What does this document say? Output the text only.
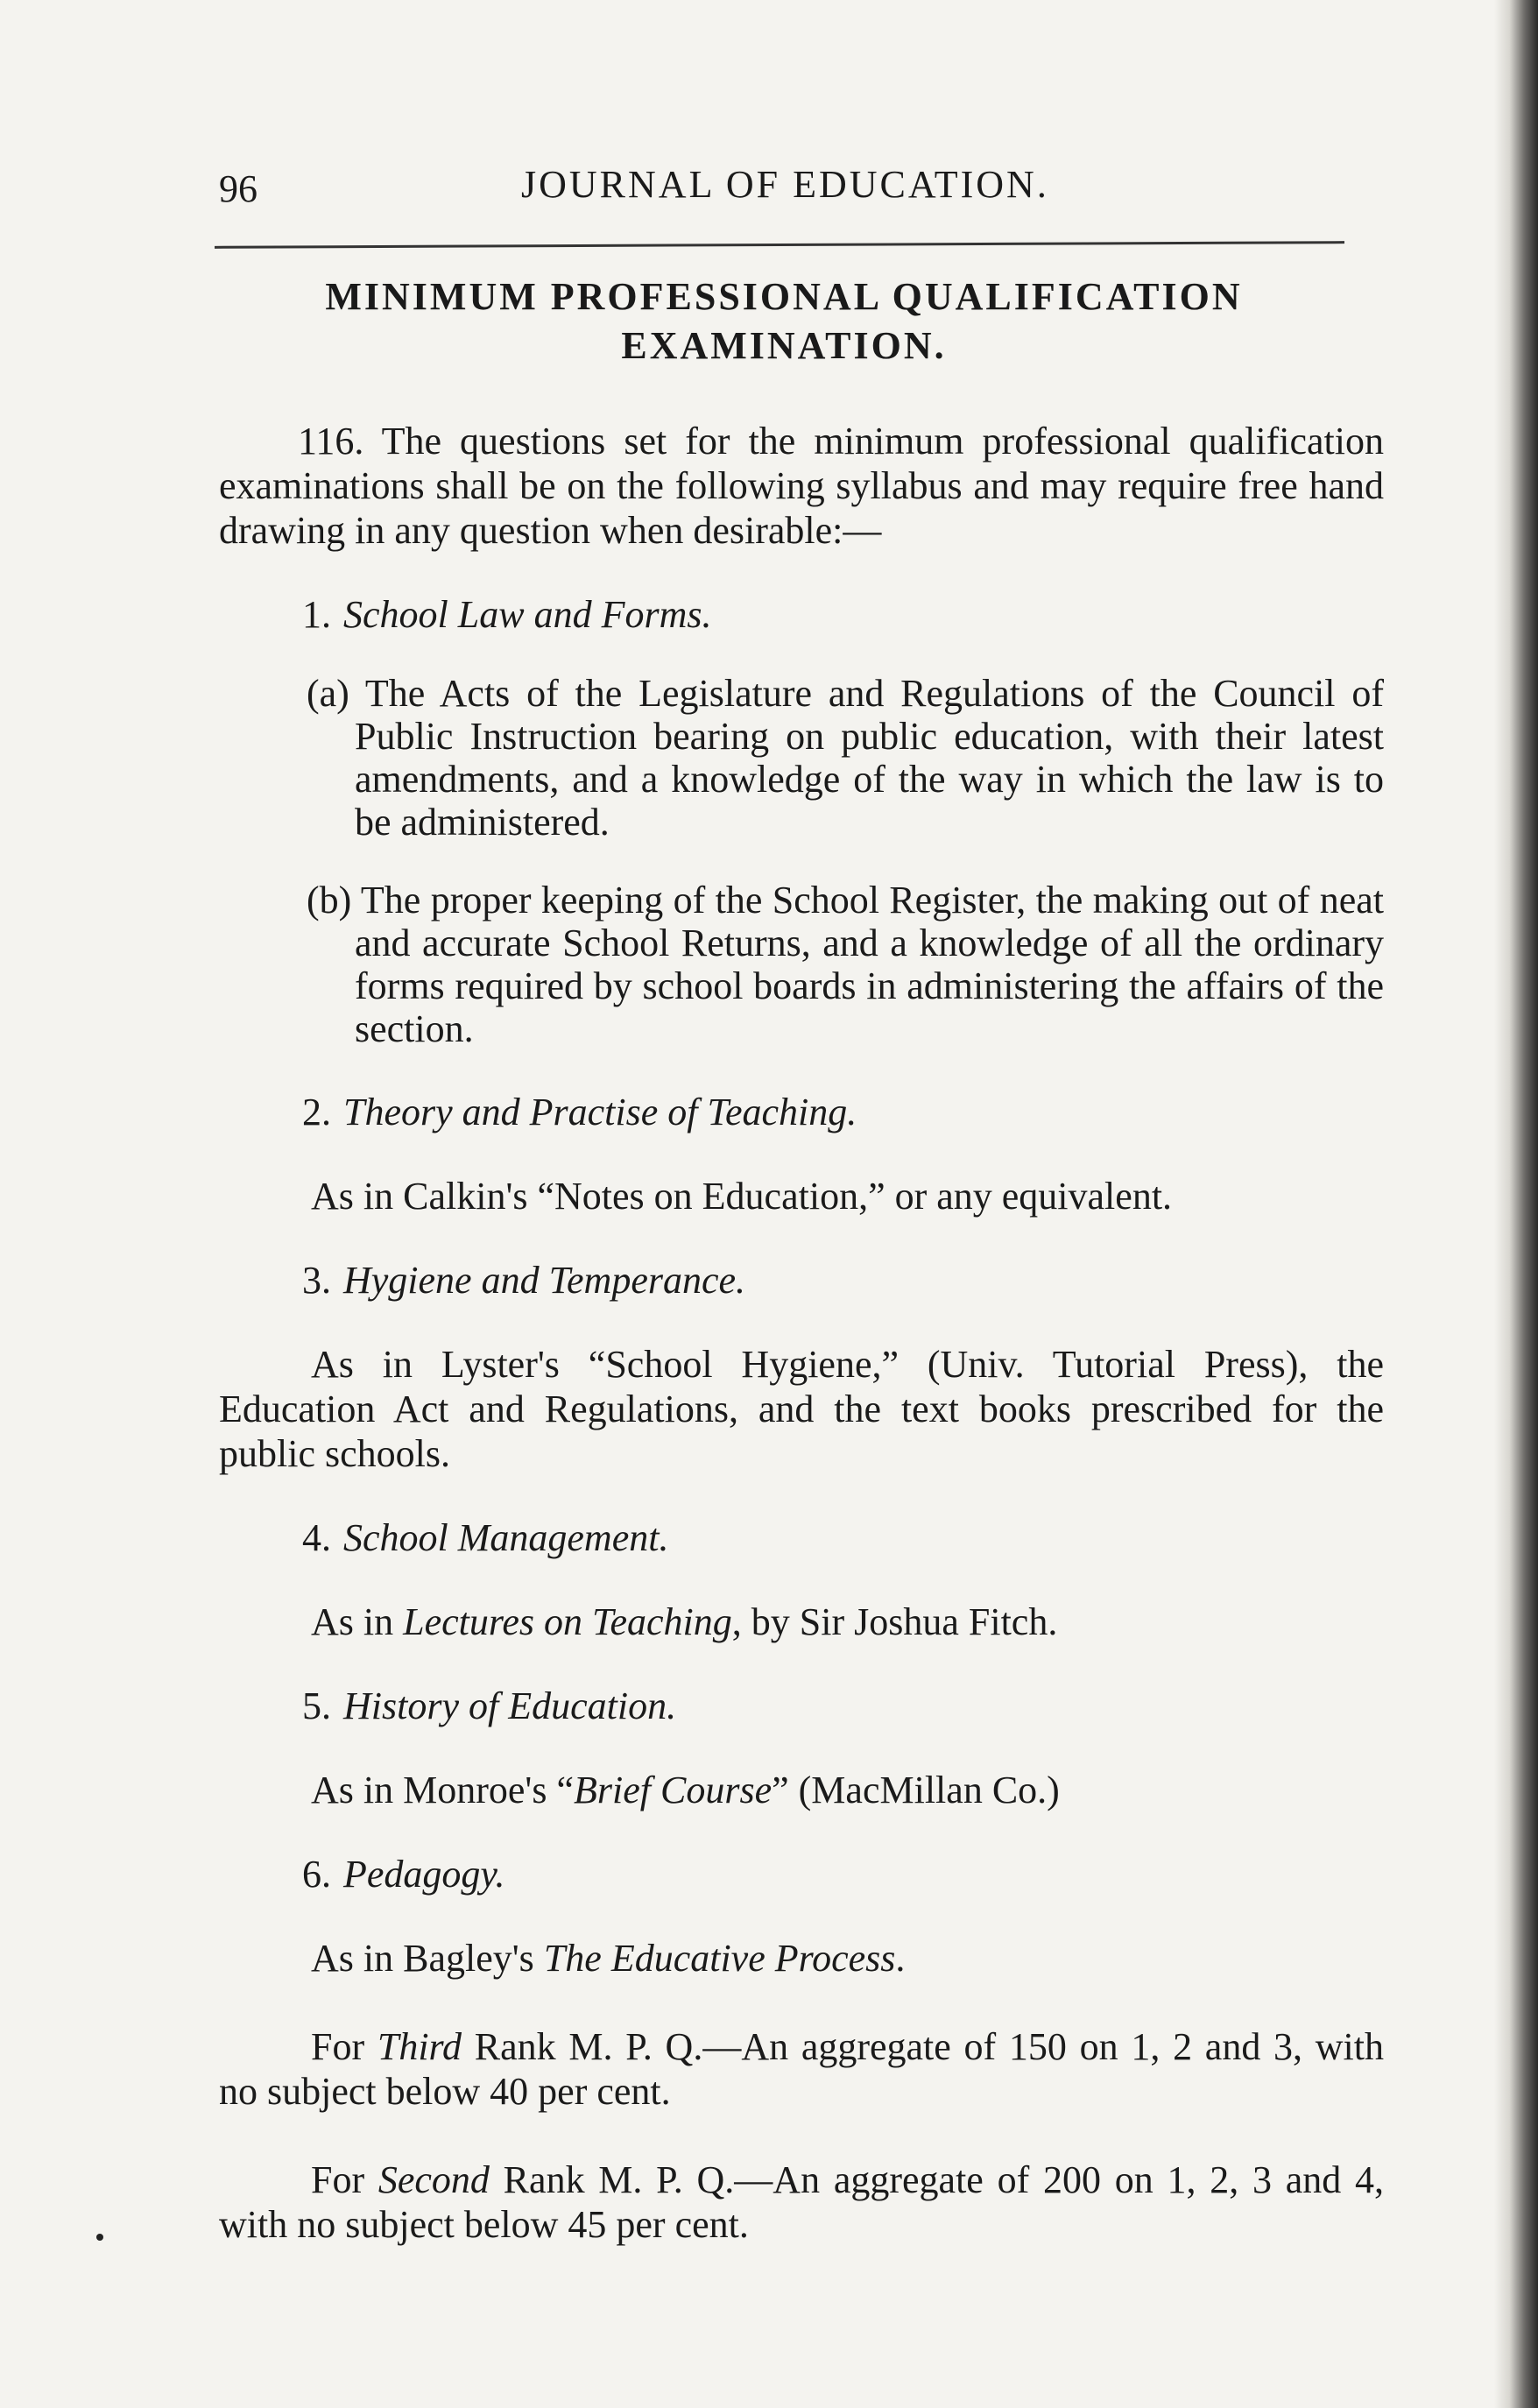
96	JOURNAL OF EDUCATION.
MINIMUM PROFESSIONAL QUALIFICATION
EXAMINATION.

116. The questions set for the minimum professional qualification examinations shall be on the following syllabus and may require free hand drawing in any question when desirable:—

1. School Law and Forms.

(a) The Acts of the Legislature and Regulations of the Council of Public Instruction bearing on public education, with their latest amendments, and a knowledge of the way in which the law is to be administered.

(b) The proper keeping of the School Register, the making out of neat and accurate School Returns, and a knowledge of all the ordinary forms required by school boards in administering the affairs of the section.

2. Theory and Practise of Teaching.

As in Calkin's “Notes on Education,” or any equivalent.

3. Hygiene and Temperance.

As in Lyster's “School Hygiene,” (Univ. Tutorial Press), the Education Act and Regulations, and the text books prescribed for the public schools.

4. School Management.

As in Lectures on Teaching, by Sir Joshua Fitch.

5. History of Education.

As in Monroe's “Brief Course” (MacMillan Co.)

6. Pedagogy.

As in Bagley's The Educative Process.

For Third Rank M. P. Q.—An aggregate of 150 on 1, 2 and 3, with no subject below 40 per cent.

For Second Rank M. P. Q.—An aggregate of 200 on 1, 2, 3 and 4, with no subject below 45 per cent.
